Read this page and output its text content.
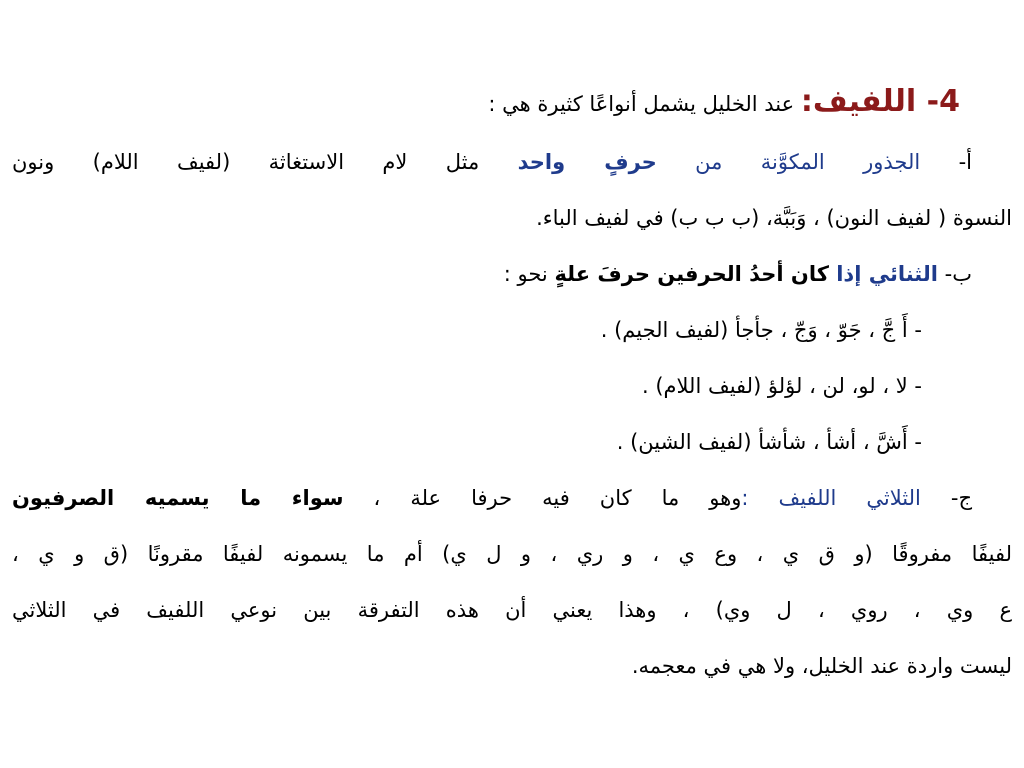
4- اللفيف: عند الخليل يشمل أنواعًا كثيرة هي :

أ- الجذور المكوَّنة من حرفٍ واحد مثل لام الاستغاثة (لفيف اللام) ونون

النسوة ( لفيف النون) ، وَبَبَّة، (ب ب ب) في لفيف الباء.

ب- الثنائي إذا كان أحدُ الحرفين حرفَ علةٍ نحو :

- أَ جَّ ، جَوّ ، وَجّ ، جأجأ (لفيف الجيم) .

- لا ، لو، لن ، لؤلؤ (لفيف اللام) .

- أَشَّ ، أشأ ، شأشأ (لفيف الشين) .

ج- الثلاثي اللفيف :وهو ما كان فيه حرفا علة ، سواء ما يسميه الصرفيون

لفيفًا مفروقًا (و ق ي ، وع ي ، و ري ، و ل ي) أم ما يسمونه لفيفًا مقرونًا (ق و ي ،

ع وي ، روي ، ل وي) ، وهذا يعني أن هذه التفرقة بين نوعي اللفيف في الثلاثي

ليست واردة عند الخليل، ولا هي في معجمه.
